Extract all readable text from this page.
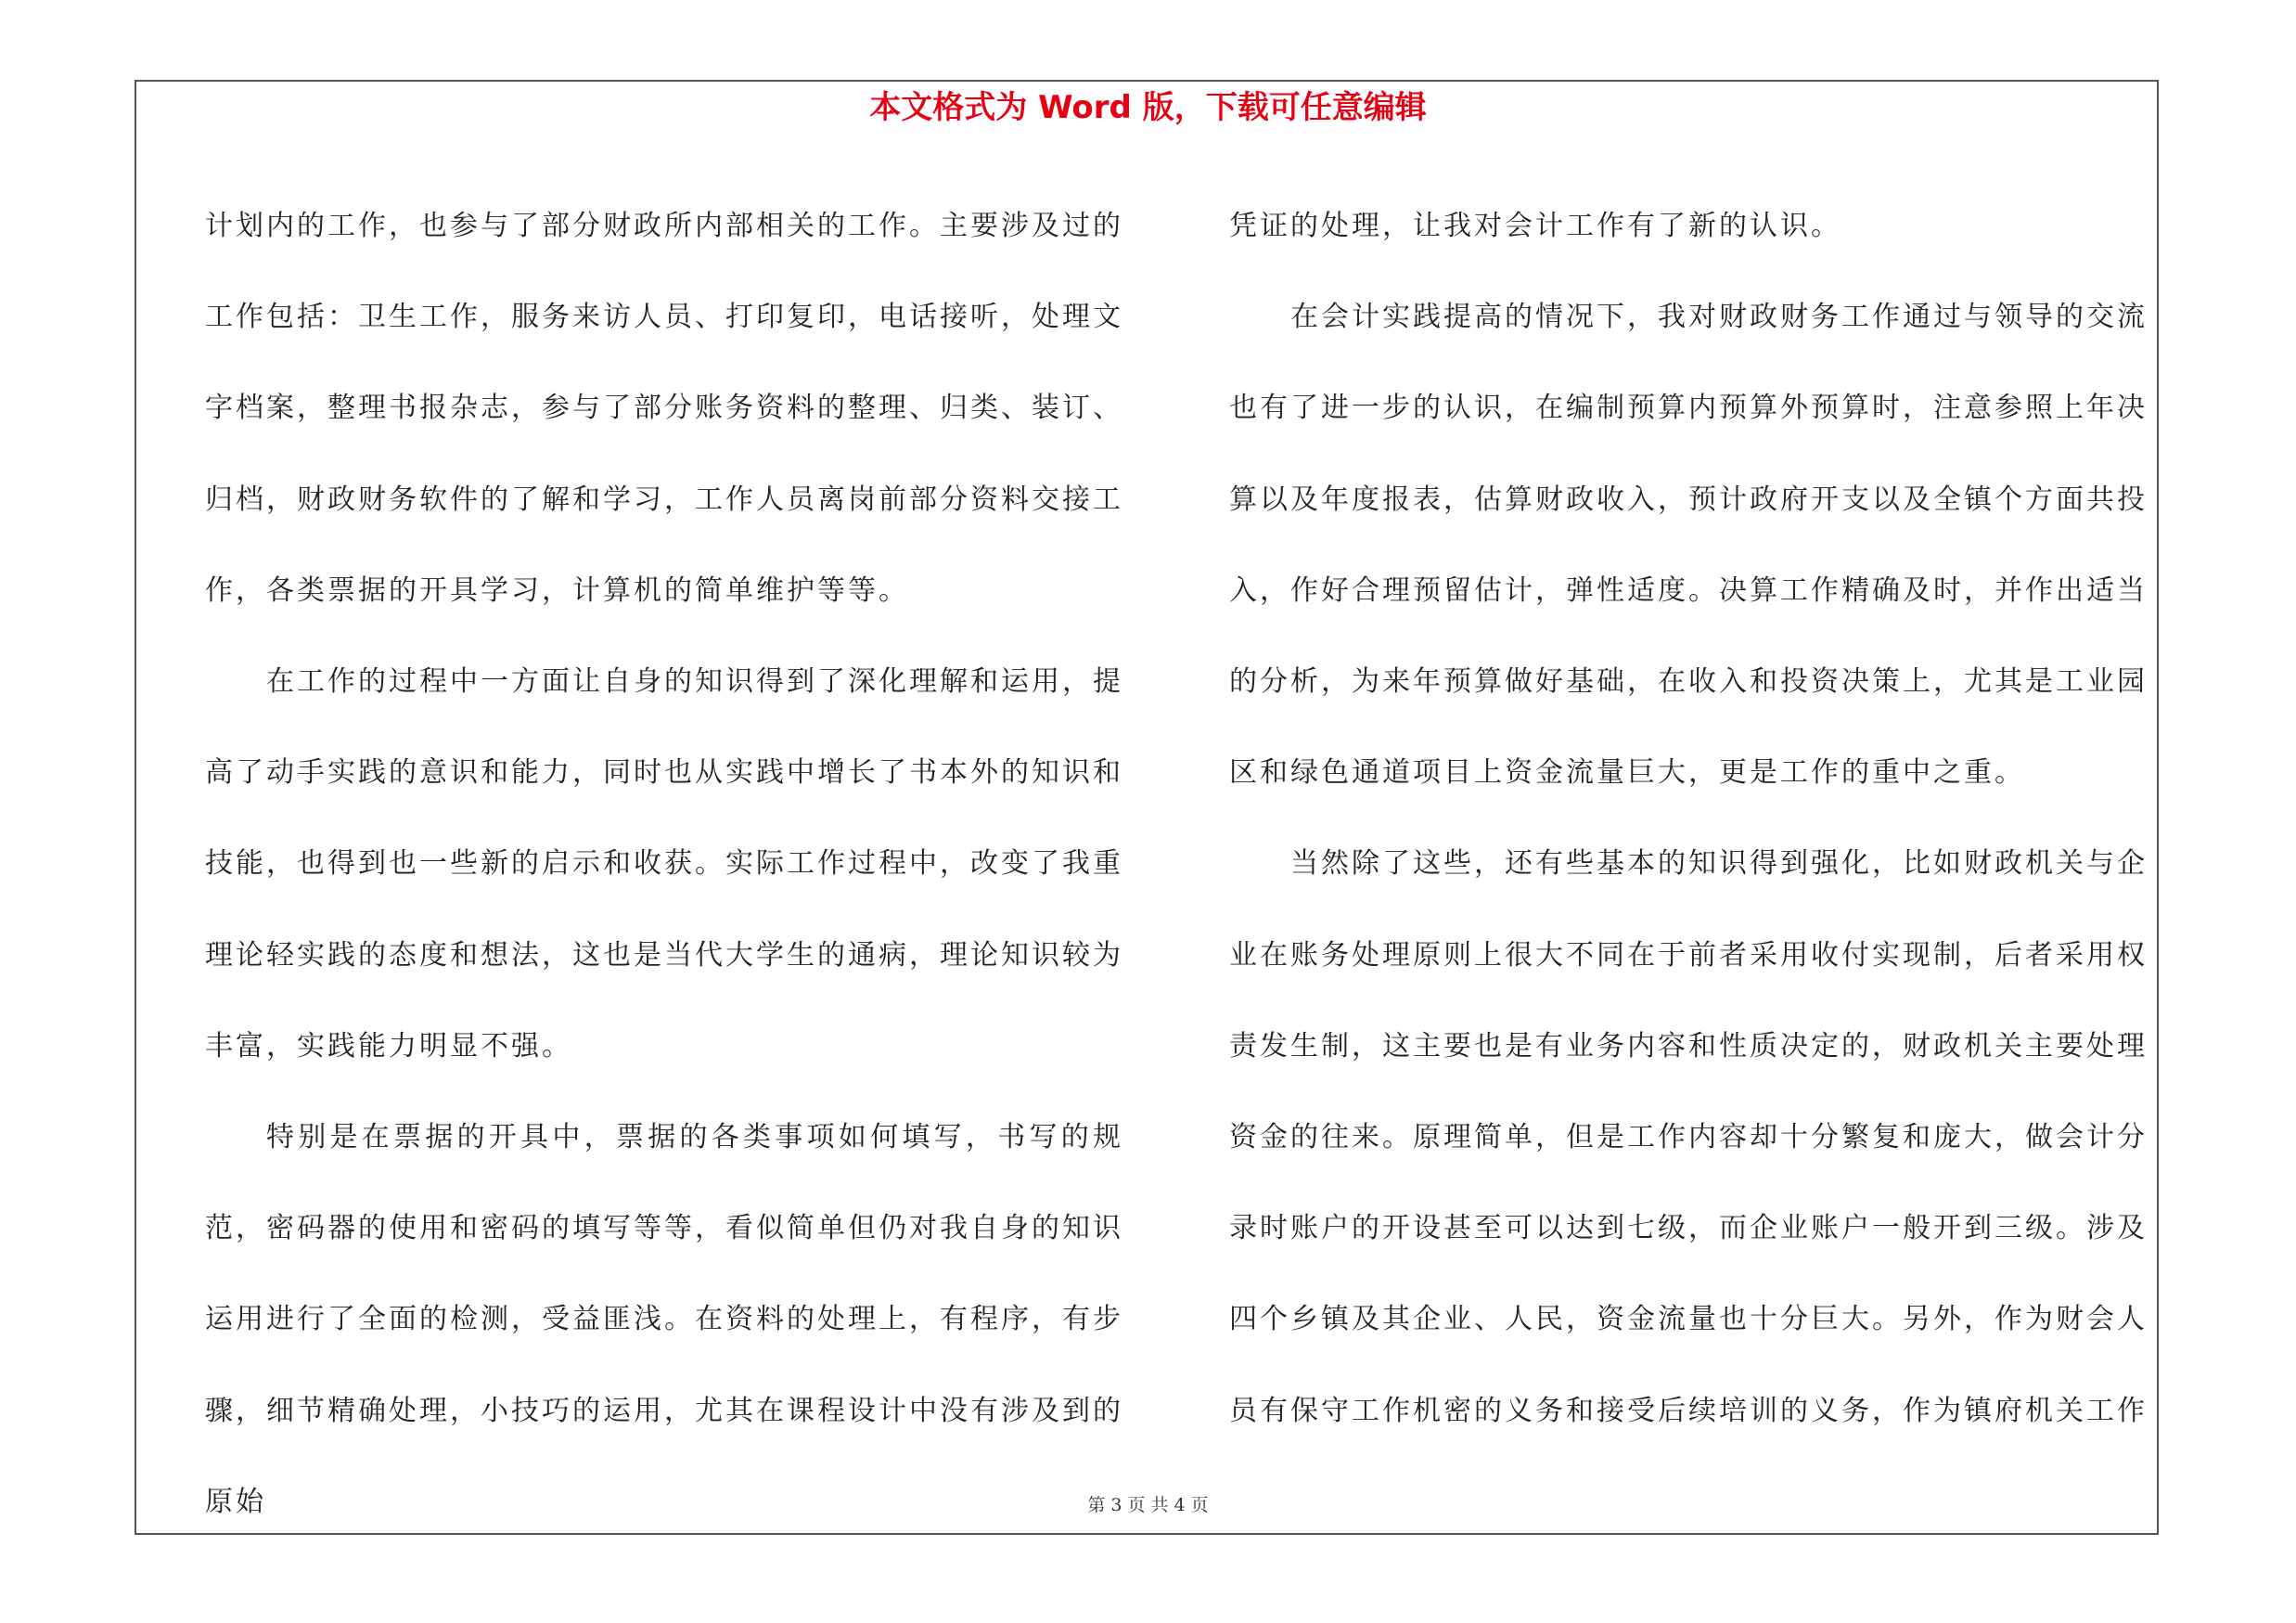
本文格式为 Word 版，下载可任意编辑

计划内的工作，也参与了部分财政所内部相关的工作。主要涉及过的工作包括：卫生工作，服务来访人员、打印复印，电话接听，处理文字档案，整理书报杂志，参与了部分账务资料的整理、归类、装订、归档，财政财务软件的了解和学习，工作人员离岗前部分资料交接工作，各类票据的开具学习，计算机的简单维护等等。

在工作的过程中一方面让自身的知识得到了深化理解和运用，提高了动手实践的意识和能力，同时也从实践中增长了书本外的知识和技能，也得到也一些新的启示和收获。实际工作过程中，改变了我重理论轻实践的态度和想法，这也是当代大学生的通病，理论知识较为丰富，实践能力明显不强。

特别是在票据的开具中，票据的各类事项如何填写，书写的规范，密码器的使用和密码的填写等等，看似简单但仍对我自身的知识运用进行了全面的检测，受益匪浅。在资料的处理上，有程序，有步骤，细节精确处理，小技巧的运用，尤其在课程设计中没有涉及到的原始

凭证的处理，让我对会计工作有了新的认识。

在会计实践提高的情况下，我对财政财务工作通过与领导的交流也有了进一步的认识，在编制预算内预算外预算时，注意参照上年决算以及年度报表，估算财政收入，预计政府开支以及全镇个方面共投入，作好合理预留估计，弹性适度。决算工作精确及时，并作出适当的分析，为来年预算做好基础，在收入和投资决策上，尤其是工业园区和绿色通道项目上资金流量巨大，更是工作的重中之重。

当然除了这些，还有些基本的知识得到强化，比如财政机关与企业在账务处理原则上很大不同在于前者采用收付实现制，后者采用权责发生制，这主要也是有业务内容和性质决定的，财政机关主要处理资金的往来。原理简单，但是工作内容却十分繁复和庞大，做会计分录时账户的开设甚至可以达到七级，而企业账户一般开到三级。涉及四个乡镇及其企业、人民，资金流量也十分巨大。另外，作为财会人员有保守工作机密的义务和接受后续培训的义务，作为镇府机关工作

第 3 页 共 4 页
